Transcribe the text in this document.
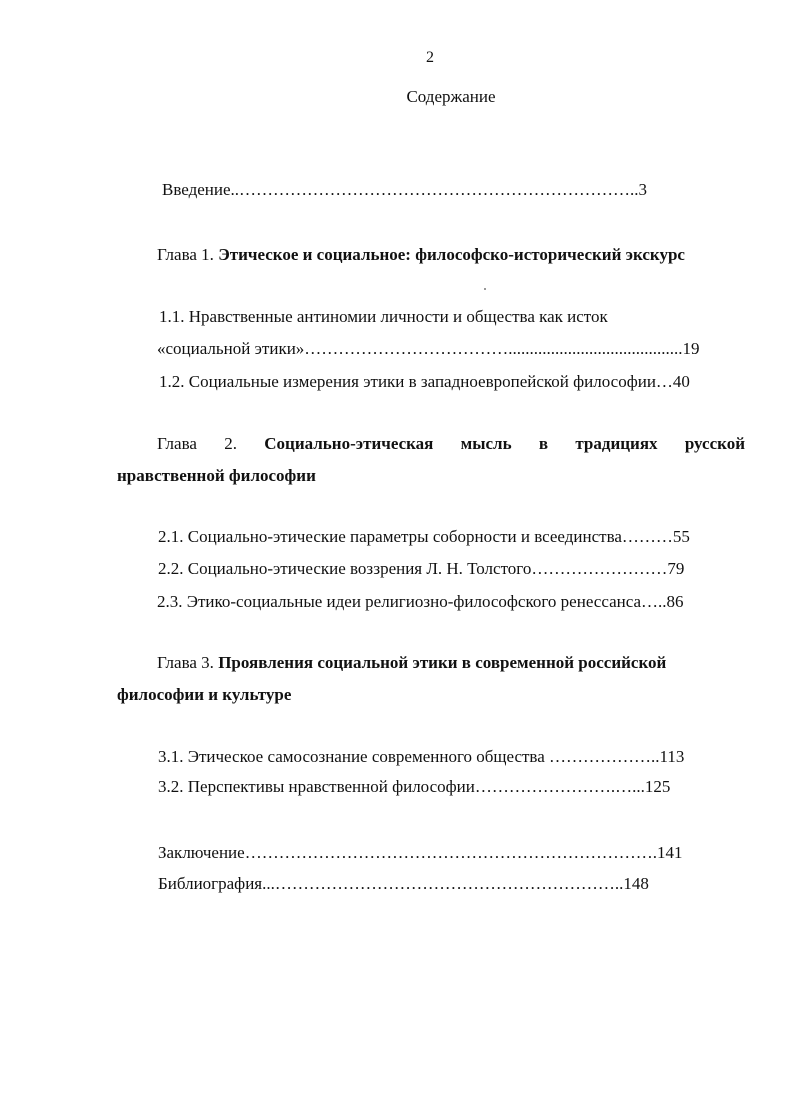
2
Содержание
Введение..……………………………………………………………..3
Глава 1. Этическое и социальное: философско-исторический экскурс
1.1. Нравственные антиномии личности и общества как исток
«социальной этики»……………………………….........................................19
1.2. Социальные измерения этики в западноевропейской философии…40
Глава 2. Социально-этическая мысль в традициях русской
нравственной философии
2.1. Социально-этические параметры соборности и всеединства………55
2.2. Социально-этические воззрения Л. Н. Толстого……………………79
2.3. Этико-социальные идеи религиозно-философского ренессанса…..86
Глава 3. Проявления социальной этики в современной российской
философии и культуре
3.1. Этическое самосознание современного общества ………………..113
3.2. Перспективы нравственной философии…………………….…...125
Заключение……………………………………………………………….141
Библиография...……………………………………………………..148
